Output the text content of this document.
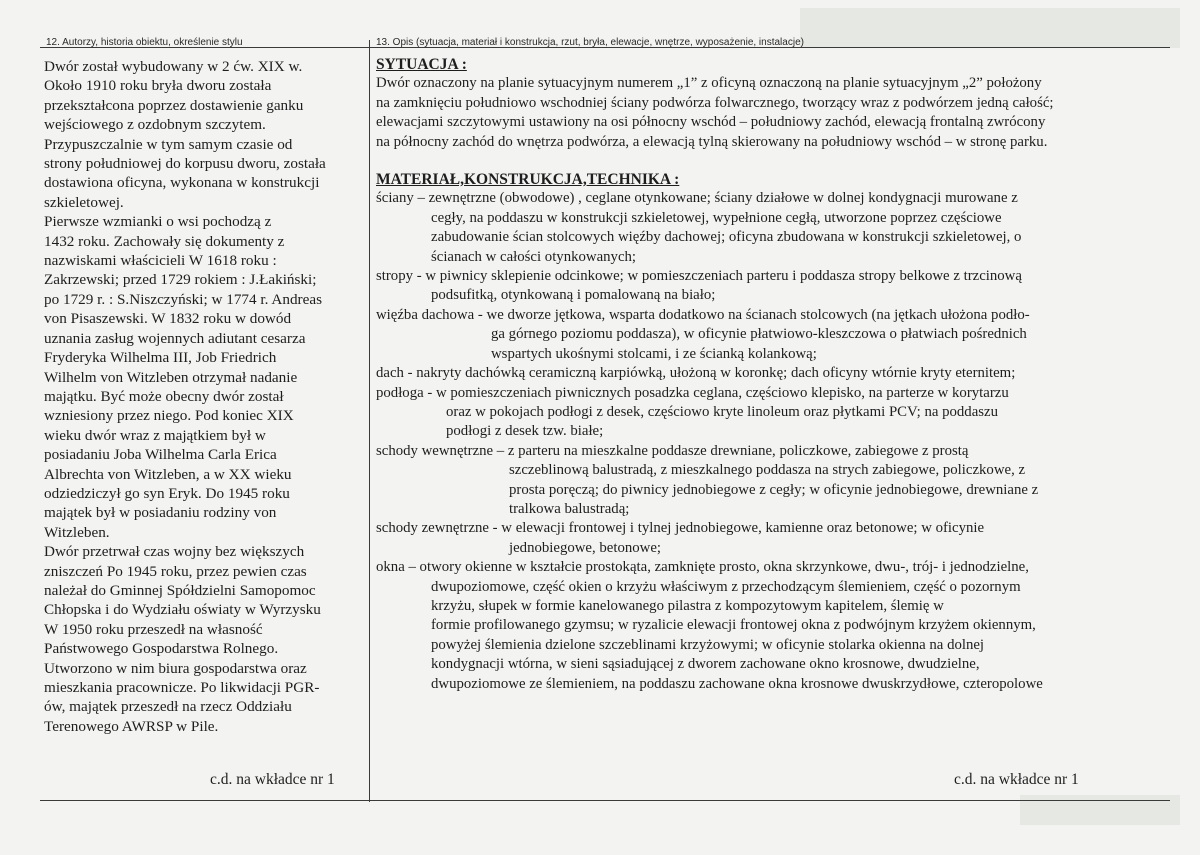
12. Autorzy, historia obiektu, określenie stylu	13. Opis (sytuacja, materiał i konstrukcja, rzut, bryła, elewacje, wnętrze, wyposażenie, instalacje)

Dwór został wybudowany w 2 ćw. XIX w.

Około 1910 roku bryła dworu została

przekształcona poprzez dostawienie ganku

wejściowego z ozdobnym szczytem.

Przypuszczalnie w tym samym czasie od

strony południowej do korpusu dworu, została

dostawiona oficyna, wykonana w konstrukcji

szkieletowej.

Pierwsze wzmianki o wsi pochodzą z

1432 roku. Zachowały się dokumenty z

nazwiskami właścicieli W 1618 roku :

Zakrzewski; przed 1729 rokiem : J.Łakiński;

po 1729 r. : S.Niszczyński; w 1774 r. Andreas

von Pisaszewski. W 1832 roku w dowód

uznania zasług wojennych adiutant cesarza

Fryderyka Wilhelma III, Job Friedrich

Wilhelm von Witzleben otrzymał nadanie

majątku. Być może obecny dwór został

wzniesiony przez niego. Pod koniec XIX

wieku dwór wraz z majątkiem był w

posiadaniu Joba Wilhelma Carla Erica

Albrechta von Witzleben, a w XX wieku

odziedziczył go syn Eryk. Do 1945 roku

majątek był w posiadaniu rodziny von

Witzleben.

Dwór przetrwał czas wojny bez większych

zniszczeń Po 1945 roku, przez pewien czas

należał do Gminnej Spółdzielni Samopomoc

Chłopska i do Wydziału oświaty w Wyrzysku

W 1950 roku przeszedł na własność

Państwowego Gospodarstwa Rolnego.

Utworzono w nim biura gospodarstwa oraz

mieszkania pracownicze. Po likwidacji PGR-

ów, majątek przeszedł na rzecz Oddziału

Terenowego AWRSP w Pile.

SYTUACJA :

Dwór oznaczony na planie sytuacyjnym numerem „1” z oficyną oznaczoną na planie sytuacyjnym „2” położony

na zamknięciu południowo wschodniej ściany podwórza folwarcznego, tworzący wraz z podwórzem jedną całość;

elewacjami szczytowymi ustawiony na osi północny wschód – południowy zachód, elewacją frontalną zwrócony

na północny zachód do wnętrza podwórza, a elewacją tylną skierowany na południowy wschód – w stronę parku.

MATERIAŁ,KONSTRUKCJA,TECHNIKA :

ściany – zewnętrzne (obwodowe) , ceglane otynkowane; ściany działowe w dolnej kondygnacji murowane z
cegły, na poddaszu w konstrukcji szkieletowej, wypełnione cegłą, utworzone poprzez częściowe
zabudowanie ścian stolcowych więźby dachowej; oficyna zbudowana w konstrukcji szkieletowej, o
ścianach w całości otynkowanych;
stropy - w piwnicy sklepienie odcinkowe; w pomieszczeniach parteru i poddasza stropy belkowe z trzcinową
podsufitką, otynkowaną i pomalowaną na biało;
więźba dachowa - we dworze jętkowa, wsparta dodatkowo na ścianach stolcowych (na jętkach ułożona podło-
ga górnego poziomu poddasza), w oficynie płatwiowo-kleszczowa o płatwiach pośrednich
wspartych ukośnymi stolcami, i ze ścianką kolankową;
dach - nakryty dachówką ceramiczną karpiówką, ułożoną w koronkę; dach oficyny wtórnie kryty eternitem;
podłoga - w pomieszczeniach piwnicznych posadzka ceglana, częściowo klepisko, na parterze w korytarzu
oraz w pokojach podłogi z desek, częściowo kryte linoleum oraz płytkami PCV; na poddaszu
podłogi z desek tzw. białe;
schody wewnętrzne – z parteru na mieszkalne poddasze drewniane, policzkowe, zabiegowe z prostą
szczeblinową balustradą, z mieszkalnego poddasza na strych zabiegowe, policzkowe, z
prosta poręczą; do piwnicy jednobiegowe z cegły; w oficynie jednobiegowe, drewniane z
tralkowa balustradą;
schody zewnętrzne - w elewacji frontowej i tylnej jednobiegowe, kamienne oraz betonowe; w oficynie
jednobiegowe, betonowe;
okna – otwory okienne w kształcie prostokąta, zamknięte prosto, okna skrzynkowe, dwu-, trój- i jednodzielne,
dwupoziomowe, część okien o krzyżu właściwym z przechodzącym ślemieniem, część o pozornym
krzyżu, słupek w formie kanelowanego pilastra z kompozytowym kapitelem, ślemię w
formie profilowanego gzymsu; w ryzalicie elewacji frontowej okna z podwójnym krzyżem okiennym,
powyżej ślemienia dzielone szczeblinami krzyżowymi; w oficynie stolarka okienna na dolnej
kondygnacji wtórna, w sieni sąsiadującej z dworem zachowane okno krosnowe, dwudzielne,
dwupoziomowe ze ślemieniem, na poddaszu zachowane okna krosnowe dwuskrzydłowe, czteropolowe
c.d. na wkładce nr 1	c.d. na wkładce nr 1
